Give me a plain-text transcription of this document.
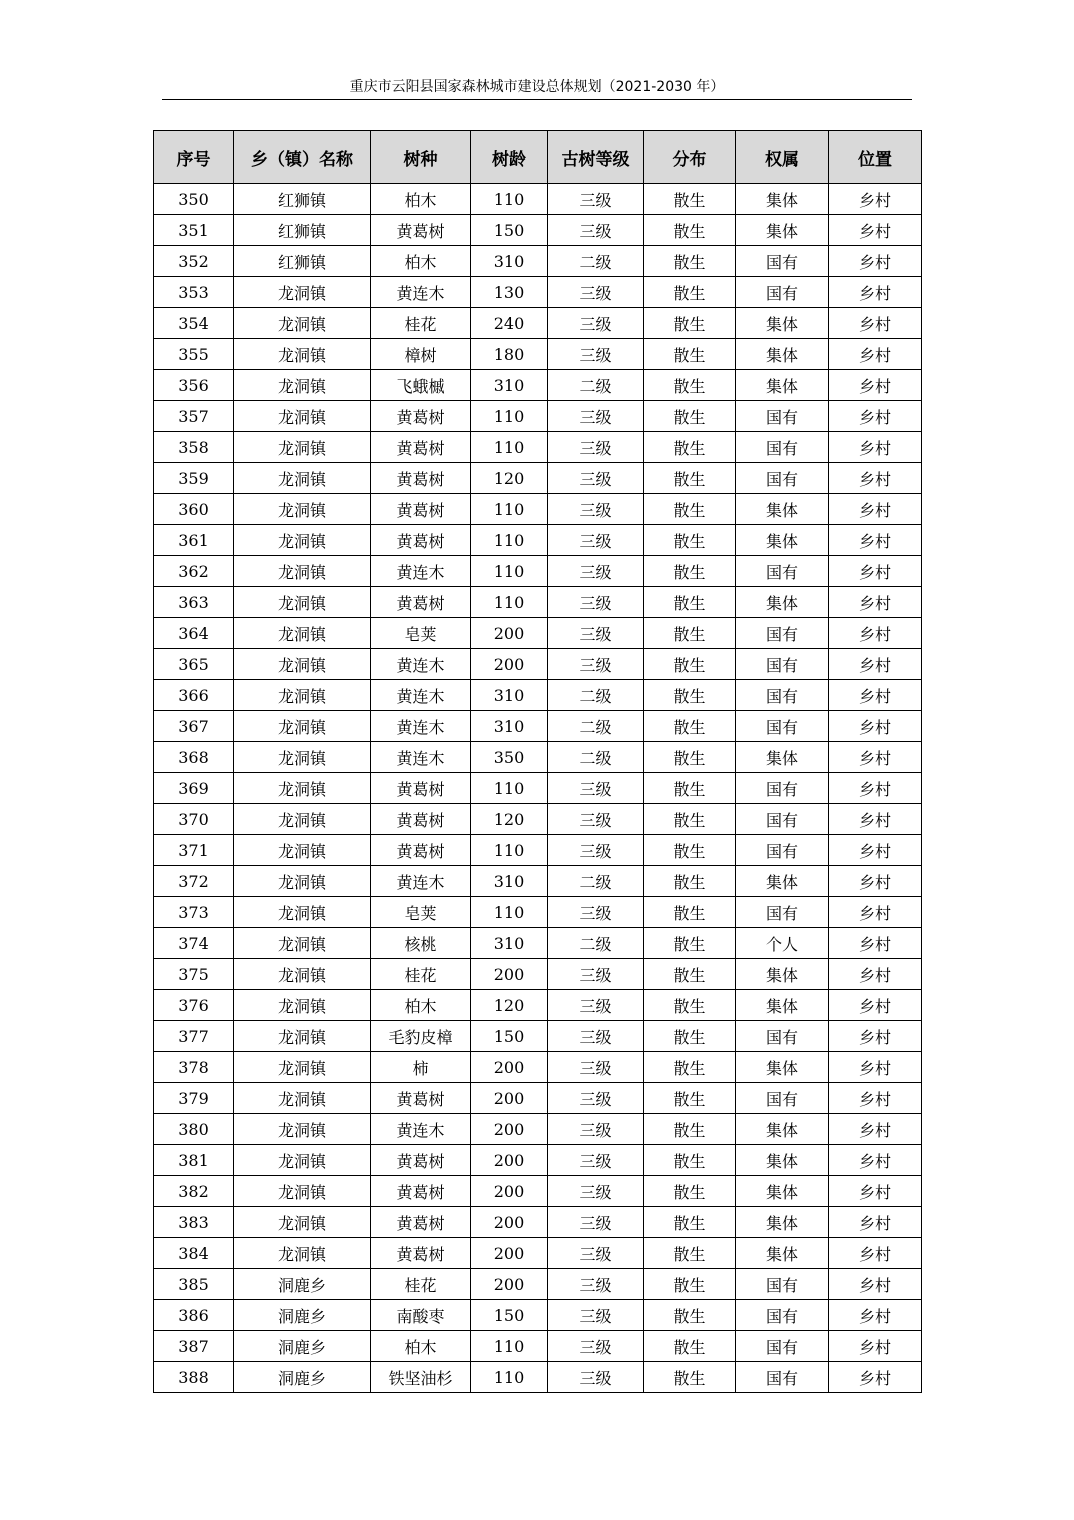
重庆市云阳县国家森林城市建设总体规划（2021-2030 年）
序号	乡（镇）名称	树种	树龄	古树等级	分布	权属	位置
350	红狮镇	柏木	110	三级	散生	集体	乡村
351	红狮镇	黄葛树	150	三级	散生	集体	乡村
352	红狮镇	柏木	310	二级	散生	国有	乡村
353	龙洞镇	黄连木	130	三级	散生	国有	乡村
354	龙洞镇	桂花	240	三级	散生	集体	乡村
355	龙洞镇	樟树	180	三级	散生	集体	乡村
356	龙洞镇	飞蛾槭	310	二级	散生	集体	乡村
357	龙洞镇	黄葛树	110	三级	散生	国有	乡村
358	龙洞镇	黄葛树	110	三级	散生	国有	乡村
359	龙洞镇	黄葛树	120	三级	散生	国有	乡村
360	龙洞镇	黄葛树	110	三级	散生	集体	乡村
361	龙洞镇	黄葛树	110	三级	散生	集体	乡村
362	龙洞镇	黄连木	110	三级	散生	国有	乡村
363	龙洞镇	黄葛树	110	三级	散生	集体	乡村
364	龙洞镇	皂荚	200	三级	散生	国有	乡村
365	龙洞镇	黄连木	200	三级	散生	国有	乡村
366	龙洞镇	黄连木	310	二级	散生	国有	乡村
367	龙洞镇	黄连木	310	二级	散生	国有	乡村
368	龙洞镇	黄连木	350	二级	散生	集体	乡村
369	龙洞镇	黄葛树	110	三级	散生	国有	乡村
370	龙洞镇	黄葛树	120	三级	散生	国有	乡村
371	龙洞镇	黄葛树	110	三级	散生	国有	乡村
372	龙洞镇	黄连木	310	二级	散生	集体	乡村
373	龙洞镇	皂荚	110	三级	散生	国有	乡村
374	龙洞镇	核桃	310	二级	散生	个人	乡村
375	龙洞镇	桂花	200	三级	散生	集体	乡村
376	龙洞镇	柏木	120	三级	散生	集体	乡村
377	龙洞镇	毛豹皮樟	150	三级	散生	国有	乡村
378	龙洞镇	柿	200	三级	散生	集体	乡村
379	龙洞镇	黄葛树	200	三级	散生	国有	乡村
380	龙洞镇	黄连木	200	三级	散生	集体	乡村
381	龙洞镇	黄葛树	200	三级	散生	集体	乡村
382	龙洞镇	黄葛树	200	三级	散生	集体	乡村
383	龙洞镇	黄葛树	200	三级	散生	集体	乡村
384	龙洞镇	黄葛树	200	三级	散生	集体	乡村
385	洞鹿乡	桂花	200	三级	散生	国有	乡村
386	洞鹿乡	南酸枣	150	三级	散生	国有	乡村
387	洞鹿乡	柏木	110	三级	散生	国有	乡村
388	洞鹿乡	铁坚油杉	110	三级	散生	国有	乡村
